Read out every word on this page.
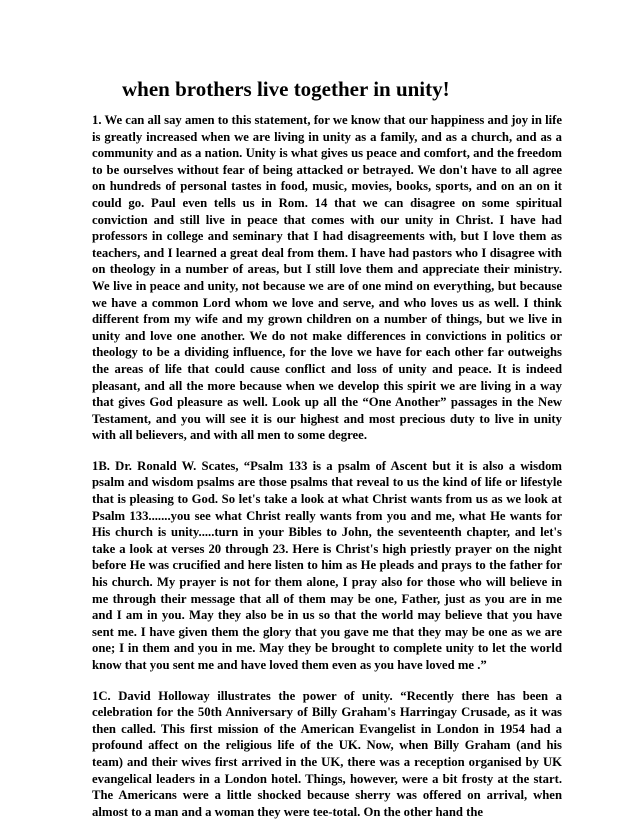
when brothers live together in unity!

1. We can all say amen to this statement, for we know that our happiness and joy in life is greatly increased when we are living in unity as a family, and as a church, and as a community and as a nation. Unity is what gives us peace and comfort, and the freedom to be ourselves without fear of being attacked or betrayed. We don't have to all agree on hundreds of personal tastes in food, music, movies, books, sports, and on an on it could go. Paul even tells us in Rom. 14 that we can disagree on some spiritual conviction and still live in peace that comes with our unity in Christ. I have had professors in college and seminary that I had disagreements with, but I love them as teachers, and I learned a great deal from them. I have had pastors who I disagree with on theology in a number of areas, but I still love them and appreciate their ministry. We live in peace and unity, not because we are of one mind on everything, but because we have a common Lord whom we love and serve, and who loves us as well. I think different from my wife and my grown children on a number of things, but we live in unity and love one another. We do not make differences in convictions in politics or theology to be a dividing influence, for the love we have for each other far outweighs the areas of life that could cause conflict and loss of unity and peace. It is indeed pleasant, and all the more because when we develop this spirit we are living in a way that gives God pleasure as well. Look up all the “One Another” passages in the New Testament, and you will see it is our highest and most precious duty to live in unity with all believers, and with all men to some degree.

1B. Dr. Ronald W. Scates, “Psalm 133 is a psalm of Ascent but it is also a wisdom psalm and wisdom psalms are those psalms that reveal to us the kind of life or lifestyle that is pleasing to God. So let's take a look at what Christ wants from us as we look at Psalm 133.......you see what Christ really wants from you and me, what He wants for His church is unity.....turn in your Bibles to John, the seventeenth chapter, and let's take a look at verses 20 through 23. Here is Christ's high priestly prayer on the night before He was crucified and here listen to him as He pleads and prays to the father for his church. My prayer is not for them alone, I pray also for those who will believe in me through their message that all of them may be one, Father, just as you are in me and I am in you. May they also be in us so that the world may believe that you have sent me. I have given them the glory that you gave me that they may be one as we are one; I in them and you in me. May they be brought to complete unity to let the world know that you sent me and have loved them even as you have loved me .”

1C. David Holloway illustrates the power of unity. “Recently there has been a celebration for the 50th Anniversary of Billy Graham's Harringay Crusade, as it was then called. This first mission of the American Evangelist in London in 1954 had a profound affect on the religious life of the UK. Now, when Billy Graham (and his team) and their wives first arrived in the UK, there was a reception organised by UK evangelical leaders in a London hotel. Things, however, were a bit frosty at the start. The Americans were a little shocked because sherry was offered on arrival, when almost to a man and a woman they were tee-total. On the other hand the
